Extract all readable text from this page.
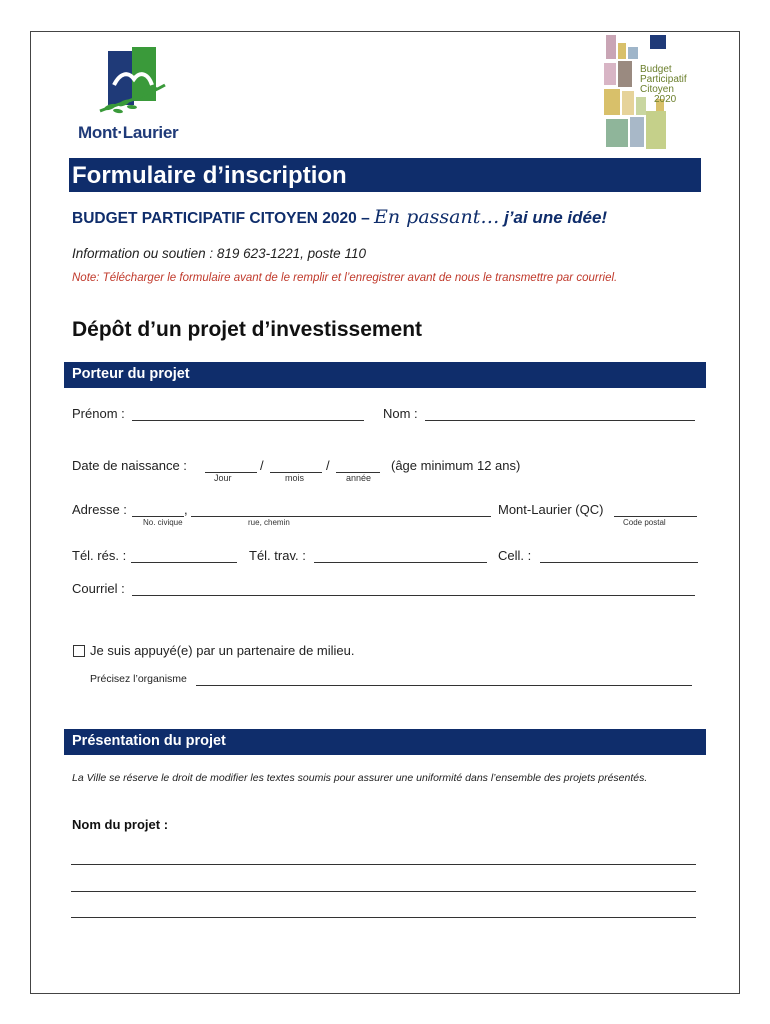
Mont·Laurier
Budget
Participatif
Citoyen
2020
Formulaire d’inscription
BUDGET PARTICIPATIF CITOYEN 2020 – En passant… j’ai une idée!
Information ou soutien : 819 623-1221, poste 110
Note: Télécharger le formulaire avant de le remplir et l’enregistrer avant de nous le transmettre par courriel.
Dépôt d’un projet d’investissement
Porteur du projet
Prénom :	Nom :
Date de naissance :	/	/
Jour	mois	année
(âge minimum 12 ans)
Adresse :	,
No. civique	rue, chemin
Mont-Laurier (QC)
Code postal
Tél. rés. :	Tél. trav. :	Cell. :
Courriel :
Je suis appuyé(e) par un partenaire de milieu.
Précisez l’organisme
Présentation du projet
La Ville se réserve le droit de modifier les textes soumis pour assurer une uniformité dans l’ensemble des projets présentés.
Nom du projet :
